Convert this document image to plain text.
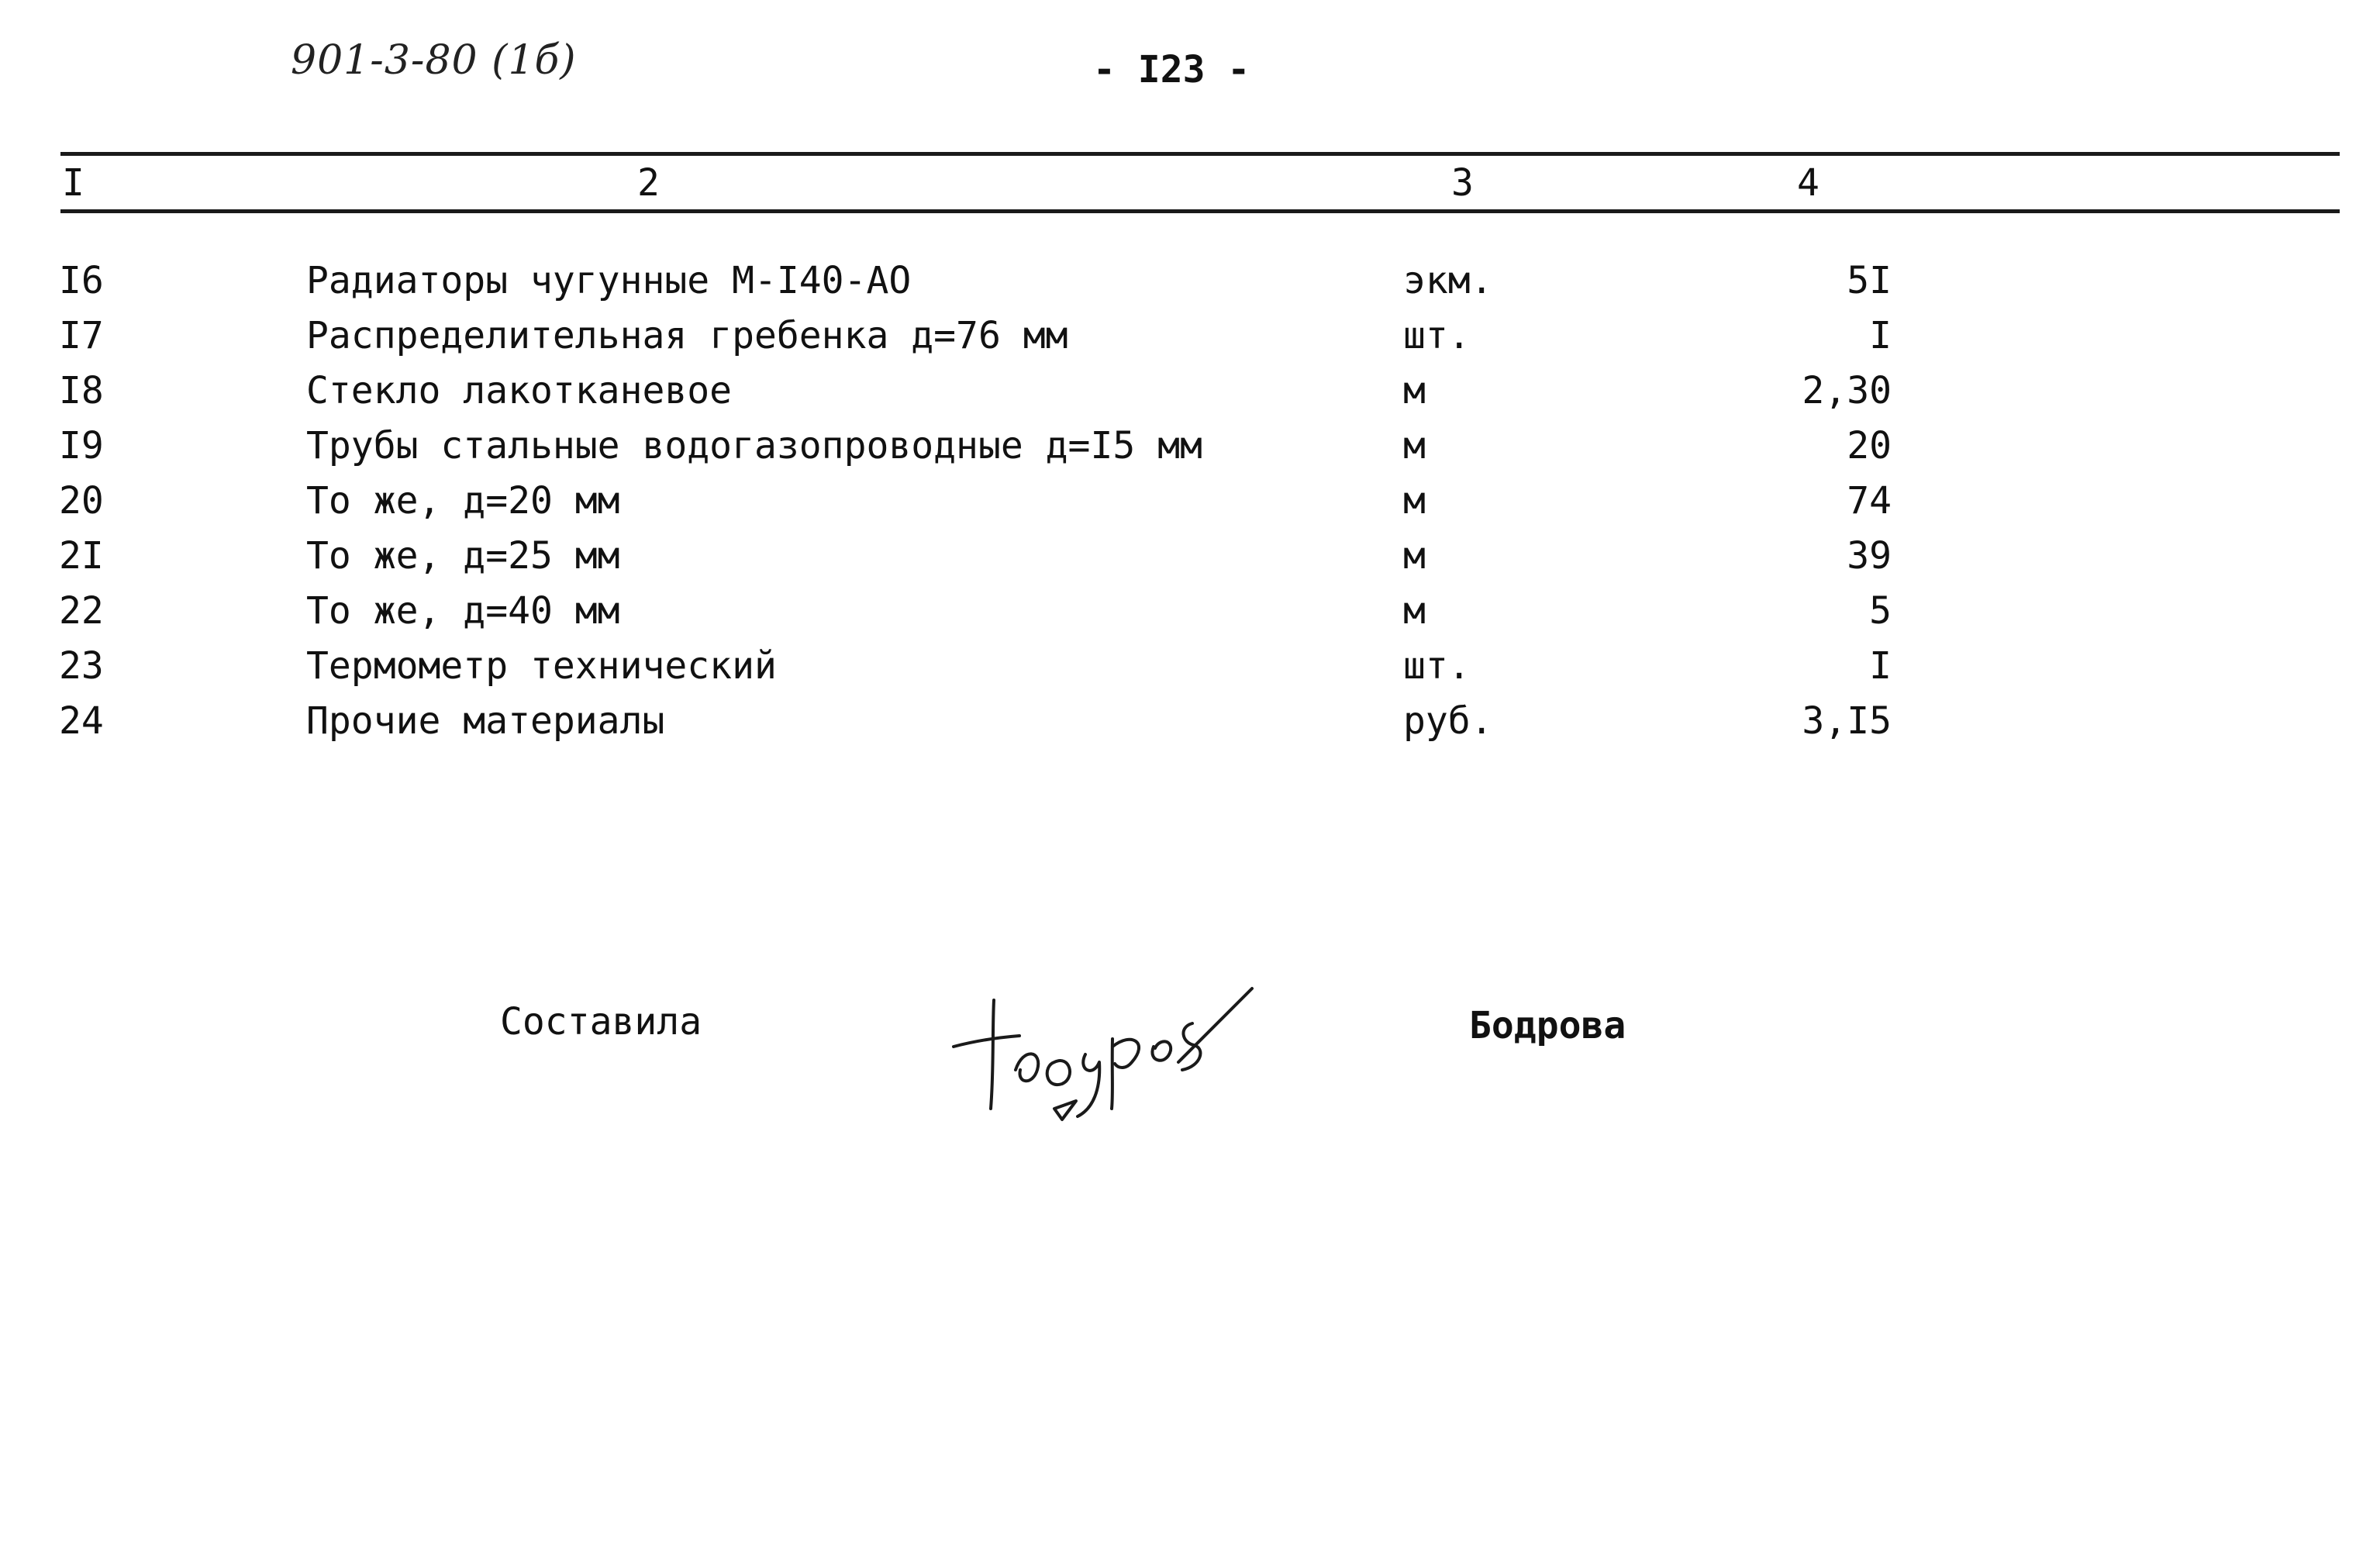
901-3-80 (1б)	- I23 -
I	2	3	4
I6	Радиаторы чугунные М-I40-АО	экм.	5I
I7	Распределительная гребенка д=76 мм	шт.	I
I8	Стекло лакотканевое	м	2,30
I9	Трубы стальные водогазопроводные д=I5 мм	м	20
20	То же, д=20 мм	м	74
2I	То же, д=25 мм	м	39
22	То же, д=40 мм	м	5
23	Термометр технический	шт.	I
24	Прочие материалы	руб.	3,I5
Составила	Бодрова
